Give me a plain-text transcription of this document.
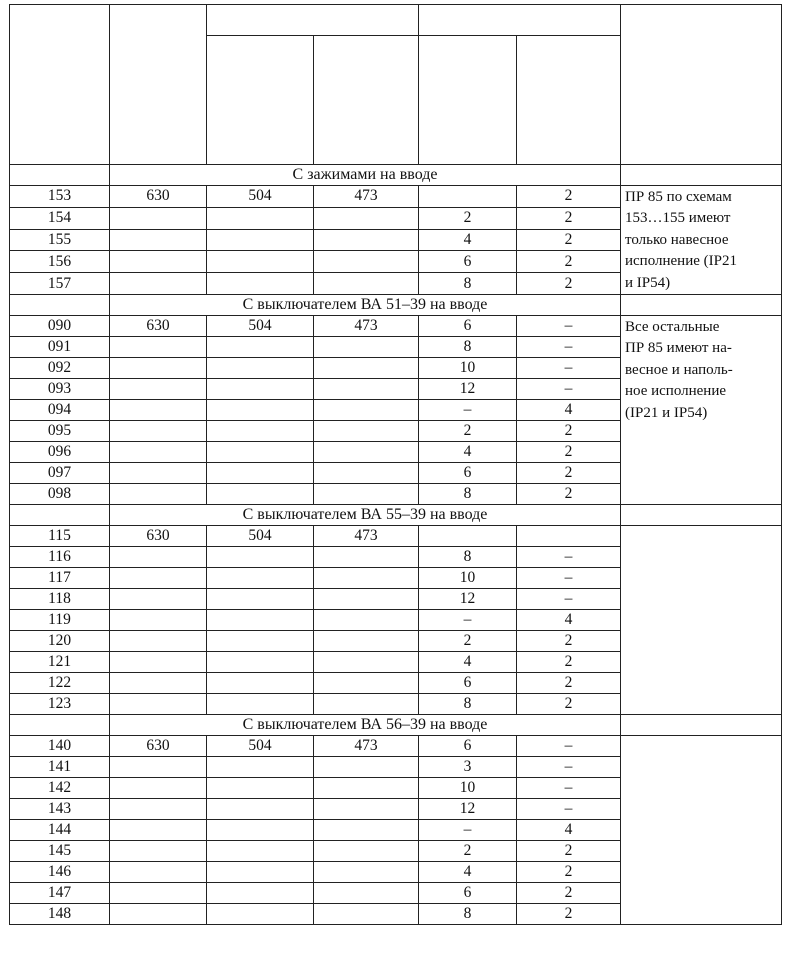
	С зажимами на вводе					
153	630	504	473		2	ПР 85 по схемам
153…155 имеют
только навесное
исполнение (IP21
и IP54)

154				2	2	
155				4	2	
156				6	2	
157				8	2	
	С выключателем ВА 51–39 на вводе					
090	630	504	473	6	–	Все остальные
ПР 85 имеют на-
весное и наполь-
ное исполнение
(IP21 и IP54)

091				8	–	
092				10	–	
093				12	–	
094				–	4	
095				2	2	
096				4	2	
097				6	2	
098				8	2	
	С выключателем ВА 55–39 на вводе					
115	630	504	473			
116				8	–	
117				10	–	
118				12	–	
119				–	4	
120				2	2	
121				4	2	
122				6	2	
123				8	2	
	С выключателем ВА 56–39 на вводе					
140	630	504	473	6	–	
141				3	–	
142				10	–	
143				12	–	
144				–	4	
145				2	2	
146				4	2	
147				6	2	
148				8	2	
